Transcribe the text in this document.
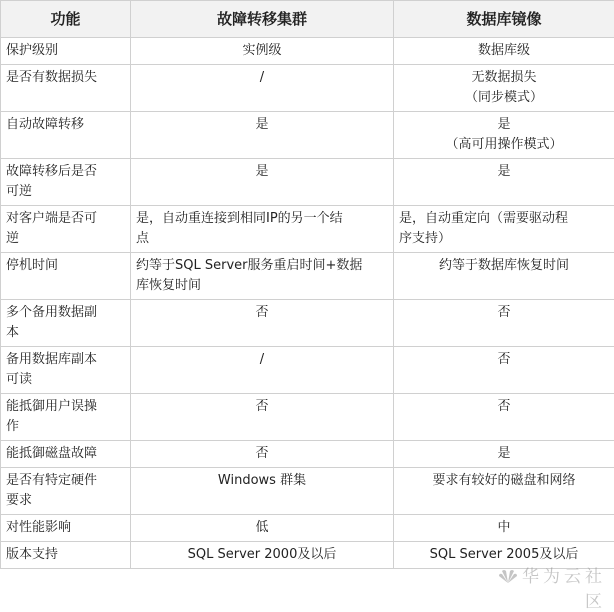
功能	故障转移集群	数据库镜像

保护级别	实例级	数据库级

是否有数据损失	/	无数据损失
（同步模式）

自动故障转移	是	是
（高可用操作模式）

故障转移后是否
可逆	是	是

对客户端是否可
逆	是，自动重连接到相同IP的另一个结
点	是，自动重定向（需要驱动程
序支持）

停机时间	约等于SQL Server服务重启时间+数据
库恢复时间	约等于数据库恢复时间

多个备用数据副
本	否	否

备用数据库副本
可读	/	否

能抵御用户误操
作	否	否

能抵御磁盘故障	否	是

是否有特定硬件
要求	Windows 群集	要求有较好的磁盘和网络

对性能影响	低	中

版本支持	SQL Server 2000及以后	SQL Server 2005及以后
华为云社区
